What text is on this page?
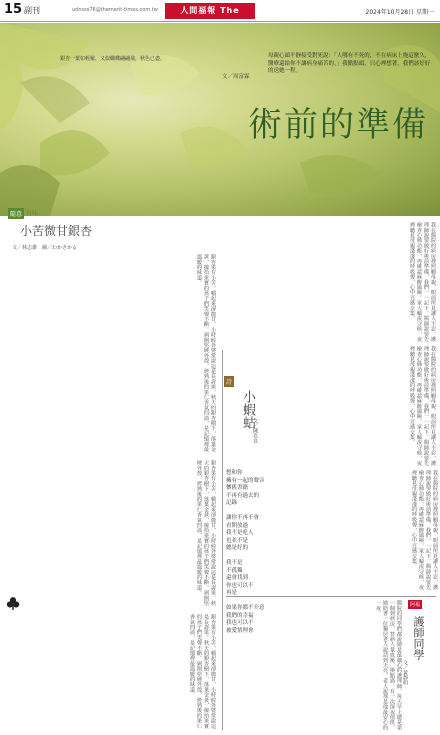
15 副刊	udnsss76@themerit-times.com.tw	人間福報 The	2024年10月28日 星期一
銀杏一葉如輕羅，又似蝴蝶翩翩飛，秋色已盡。	母親心頭平靜接受對死說：「人哪有不死的，不在病床上拖這麼久，醫療還給你不讓病身痛苦的。」我點點頭，只心裡想著，我們該好好的送她一程。
文／周富霖
術前的準備
我在醫院的病房裡照顧母親，眼前所見讓人不忍，護理師說要做好術前準備，我們一一記下。醫師說要先檢查心肺功能，再確認麻醉風險。家人輪流守候，夜裡聽見母親淺淺的呼吸聲，心中百感交集。
我在醫院的病房裡照顧母親，眼前所見讓人不忍，護理師說要做好術前準備，我們一一記下。醫師說要先檢查心肺功能，再確認麻醉風險。家人輪流守候，夜裡聽見母親淺淺的呼吸聲，心中百感交集。
隨意 有味
小苦微甘銀杏
文／林志雄　圖／わかさかる
銀杏果有小苦，嚼起來卻微甘，小時候外婆常說這是長壽果。秋天的銀杏樹下，落葉金黃，撿拾果實的孩子們笑聲不斷。剝開堅硬外殼，烤熟後的果仁香氣四溢，是記憶裡最溫暖的味道。
銀杏果有小苦，嚼起來卻微甘，小時候外婆常說這是長壽果。秋天的銀杏樹下，落葉金黃，撿拾果實的孩子們笑聲不斷。剝開堅硬外殼，烤熟後的果仁香氣四溢，是記憶裡最溫暖的味道。
銀杏果有小苦，嚼起來卻微甘，小時候外婆常說這是長壽果。秋天的銀杏樹下，落葉金黃，撿拾果實的孩子們笑聲不斷。剝開堅硬外殼，烤熟後的果仁香氣四溢，是記憶裡最溫暖的味道。
詩
小蝦蛄
文／陳克良
想和你
擁有一起的聲音
懷舊書籍
不再有過去的
記錄

讓你不再不會
看開放過
我不是吃人
也並不是
總是好的

我不是
不孤獨
還會找到
你也可以不
再是

如果你都不介意
我們的幸福
我也可以不
被愛情理會
我在醫院的病房裡照顧母親，眼前所見讓人不忍，護理師說要做好術前準備，我們一一記下。醫師說要先檢查心肺功能，再確認麻醉風險。家人輪流守候，夜裡聽見母親淺淺的呼吸聲，心中百感交集。
醫院的同學們都說她是最細心的護理師，每天早上總是第一個到病房，替病人量血壓、換點滴。有一次深夜值班，她陪著一位獨居老人說話到天亮，老人說那是他最安心的一夜。	阿福
護師同學
文／黃靜明
